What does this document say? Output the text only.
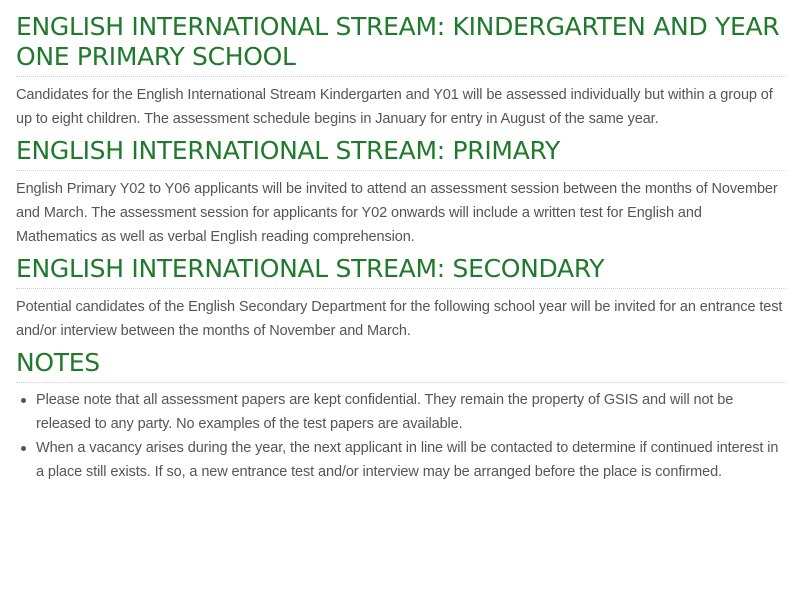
ENGLISH INTERNATIONAL STREAM: KINDERGARTEN AND YEAR ONE PRIMARY SCHOOL

Candidates for the English International Stream Kindergarten and Y01 will be assessed individually but within a group of up to eight children. The assessment schedule begins in January for entry in August of the same year.

ENGLISH INTERNATIONAL STREAM: PRIMARY

English Primary Y02 to Y06 applicants will be invited to attend an assessment session between the months of November and March. The assessment session for applicants for Y02 onwards will include a written test for English and Mathematics as well as verbal English reading comprehension.

ENGLISH INTERNATIONAL STREAM: SECONDARY

Potential candidates of the English Secondary Department for the following school year will be invited for an entrance test and/or interview between the months of November and March.

NOTES
Please note that all assessment papers are kept confidential. They remain the property of GSIS and will not be released to any party. No examples of the test papers are available.
When a vacancy arises during the year, the next applicant in line will be contacted to determine if continued interest in a place still exists. If so, a new entrance test and/or interview may be arranged before the place is confirmed.
